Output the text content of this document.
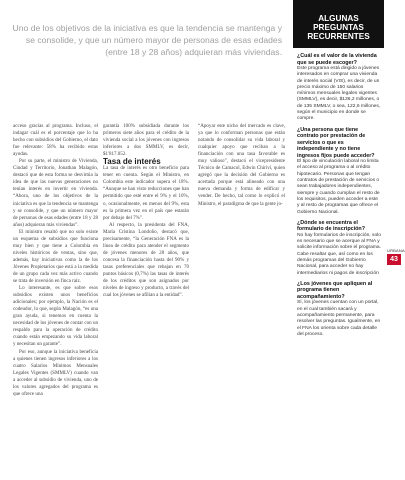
Uno de los objetivos de la iniciativa es que la tendencia se mantenga y se consolide, y que un número mayor de personas de esas edades (entre 18 y 28 años) adquieran más viviendas.

acceso gracias al programa. Incluso, el indagar cuál es el porcentaje que lo ha hecho con subsidios del Gobierno, el dato fue relevante: 58% ha recibido estas ayudas.

Por su parte, el ministro de Vivienda, Ciudad y Territorio, Jonathan Malagón, destacó que de esta forma se desvirtúa la idea de que las nuevas generaciones no tenían interés en invertir en vivienda. “Ahora, uno de los objetivos de la iniciativa es que la tendencia se mantenga y se consolide, y que un número mayor de personas de esas edades (entre 18 y 28 años) adquieran más viviendas”.

El ministro resaltó que no solo existe un esquema de subsidios que funciona muy bien y que tiene a Colombia en niveles históricos de ventas, sino que, además, hay iniciativas como la de los Jóvenes Propietarios que está a la medida de un grupo cada vez más activo cuando se trata de inversión en finca raíz.

Lo interesante, es que sobre esos subsidios existen unos beneficios adicionales; por ejemplo, la Nación es el codeudor, lo que, según Malagón, “es una gran ayuda, si tenemos en cuenta la necesidad de los jóvenes de contar con un respaldo para la operación de crédito cuando están empezando su vida laboral y necesitan un garante”.

Por eso, aunque la iniciativa beneficia a quienes tienen ingresos inferiores a los cuatro Salarios Mínimos Mensuales Legales Vigentes (SMMLV) cuando van a acceder al subsidio de vivienda, uno de los valores agregados del programa es que ofrece una

garantía 100% subsidiada durante los primeros siete años para el crédito de la vivienda social a los jóvenes con ingresos inferiores a dos SMMLV, es decir, $1'817.052.

Tasa de interés

La tasa de interés es otro beneficio para tener en cuenta. Según el Ministro, en Colombia este indicador supera el 18%. “Aunque se han visto reducciones que han permitido que esté entre el 9% y el 10%, o, ocasionalmente, en menos del 9%, esta es la primera vez en el país que estarán por debajo del 7%”.

Al respecto, la presidenta del FNA, María Cristina Londoño, destacó que, precisamente, “la Generación FNA es la línea de crédito para atender el segmento de jóvenes menores de 28 años, que concesa la financiación hasta del 90% y tasas preferenciales que rebajan en 70 puntos básicos (0,7%) las tasas de interés de los créditos que son asignados por niveles de ingreso y producto, a través del cual los jóvenes se afilian a la entidad”.

“Apoyar este nicho del mercado es clave, ya que lo conforman personas que están notando de consolidar su vida laboral y cualquier apoyo que reciban a la financiación con una tasa favorable es muy valioso”, destacó el vicepresidente Técnico de Camacol, Edwin Chiriví, quien agregó que la decisión del Gobierno es acertada porque está alineado con una nueva demanda y forma de edificar y vender. De hecho, tal como lo explicó el Ministro, el paradigma de que la gente jo-

ALGUNAS
PREGUNTAS
RECURRENTES
¿Cuál es el valor de la vivienda que se puede escoger?

Este programa está dirigido a jóvenes interesados en comprar una vivienda de interés social (VIS), es decir, de un precio máximo de 150 salarios mínimos mensuales legales vigentes (SMMLV), es decir, $136,2 millones, o de 135 SMMLV, o sea, 122,6 millones, según el municipio en donde se compre.

¿Una persona que tiene contrato por prestación de servicios o que es independiente y no tiene ingresos fijos puede acceder?

El tipo de vinculación laboral no limita el acceso al programa o al crédito hipotecario. Personas que tengan contratos de prestación de servicios o sean trabajadores independientes, siempre y cuando cumplan el resto de los requisitos, pueden acceder a este y al resto de programas que ofrece el Gobierno Nacional.

¿Dónde se encuentra el formulario de inscripción?

No hay formularios de inscripción, solo es necesario que se acerque al FNA y solicite información sobre el programa. Cabe resaltar que, así como en los demás programas del Gobierno Nacional, para acceder no hay intermediarios ni pagos de inscripción

¿Los jóvenes que apliquen al programa tienen acompañamiento?

Sí, los jóvenes cuentan con un portal, en el cual también sacará y acompañamiento permanente, para resolver las preguntas. Igualmente, en el FNA los orienta sobre cada detalle del proceso.

URBANA
43
